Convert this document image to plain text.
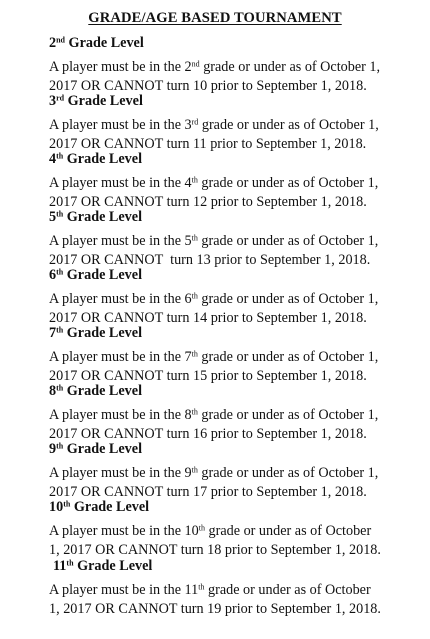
GRADE/AGE BASED TOURNAMENT
2nd Grade Level
A player must be in the 2nd grade or under as of October 1,
2017 OR CANNOT turn 10 prior to September 1, 2018.
3rd Grade Level
A player must be in the 3rd grade or under as of October 1,
2017 OR CANNOT turn 11 prior to September 1, 2018.
4th Grade Level
A player must be in the 4th grade or under as of October 1,
2017 OR CANNOT turn 12 prior to September 1, 2018.
5th Grade Level
A player must be in the 5th grade or under as of October 1,
2017 OR CANNOT  turn 13 prior to September 1, 2018.
6th Grade Level
A player must be in the 6th grade or under as of October 1,
2017 OR CANNOT turn 14 prior to September 1, 2018.
7th Grade Level
A player must be in the 7th grade or under as of October 1,
2017 OR CANNOT turn 15 prior to September 1, 2018.
8th Grade Level
A player must be in the 8th grade or under as of October 1,
2017 OR CANNOT turn 16 prior to September 1, 2018.
9th Grade Level
A player must be in the 9th grade or under as of October 1,
2017 OR CANNOT turn 17 prior to September 1, 2018.
10th Grade Level
A player must be in the 10th grade or under as of October
1, 2017 OR CANNOT turn 18 prior to September 1, 2018.
11th Grade Level
A player must be in the 11th grade or under as of October
1, 2017 OR CANNOT turn 19 prior to September 1, 2018.
